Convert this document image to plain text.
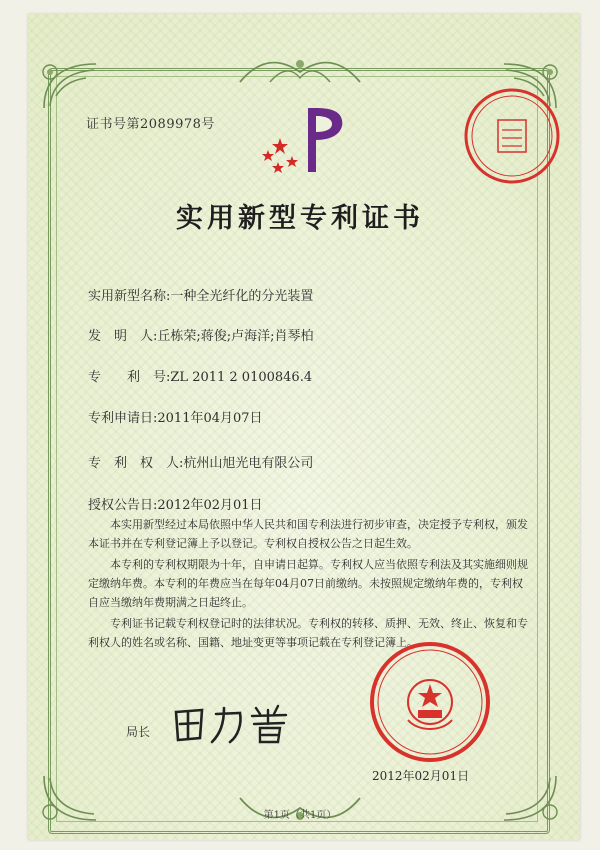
证书号第2089978号
实用新型专利证书
实用新型名称:一种全光纤化的分光装置
发　明　人:丘栋荣;蒋俊;卢海洋;肖琴柏
专　　利　号:ZL 2011 2 0100846.4
专利申请日:2011年04月07日
专　利　权　人:杭州山旭光电有限公司
授权公告日:2012年02月01日
本实用新型经过本局依照中华人民共和国专利法进行初步审查，决定授予专利权，颁发本证书并在专利登记簿上予以登记。专利权自授权公告之日起生效。
本专利的专利权期限为十年，自申请日起算。专利权人应当依照专利法及其实施细则规定缴纳年费。本专利的年费应当在每年04月07日前缴纳。未按照规定缴纳年费的，专利权自应当缴纳年费期满之日起终止。
专利证书记载专利权登记时的法律状况。专利权的转移、质押、无效、终止、恢复和专利权人的姓名或名称、国籍、地址变更等事项记载在专利登记簿上。
局长
2012年02月01日
第1页（共1页）
